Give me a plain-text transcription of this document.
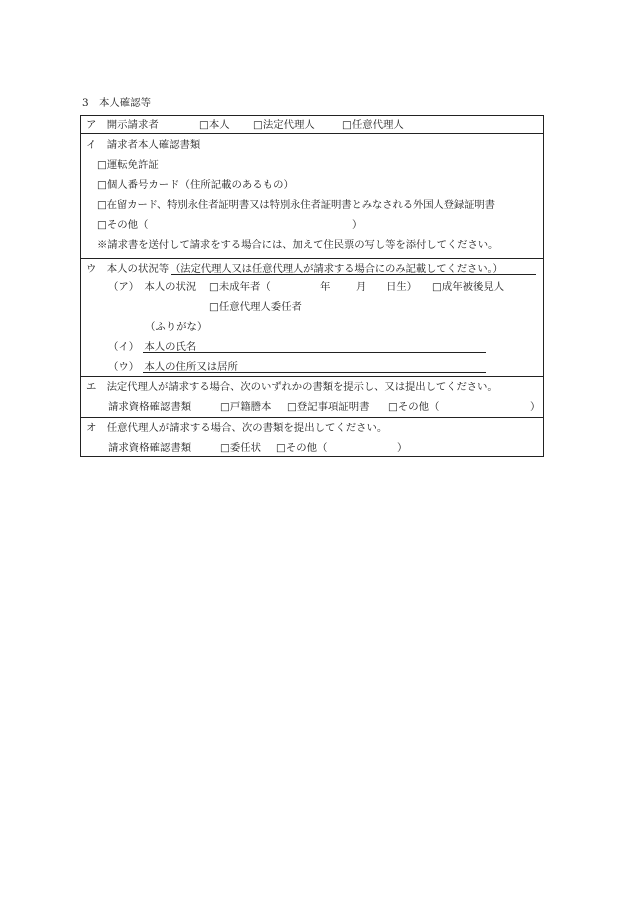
3　本人確認等
ア　開示請求者	□本人 □法定代理人	□任意代理人
イ　請求者本人確認書類
□運転免許証
□個人番号カード（住所記載のあるもの）
□在留カード、特別永住者証明書又は特別永住者証明書とみなされる外国人登録証明書
□その他（	）
※請求書を送付して請求をする場合には、加えて住民票の写し等を添付してください。
ウ　本人の状況等 （法定代理人又は任意代理人が請求する場合にのみ記載してください。）
（ア）　本人の状況 □未成年者（	年 月 日生） □成年被後見人
□任意代理人委任者
（ふりがな）
（イ）　本人の氏名
（ウ）　本人の住所又は居所
エ　法定代理人が請求する場合、次のいずれかの書類を提示し、又は提出してください。
請求資格確認書類	□戸籍謄本 □登記事項証明書 □その他（	）
オ　任意代理人が請求する場合、次の書類を提出してください。
請求資格確認書類	□委任状 □その他（	）
